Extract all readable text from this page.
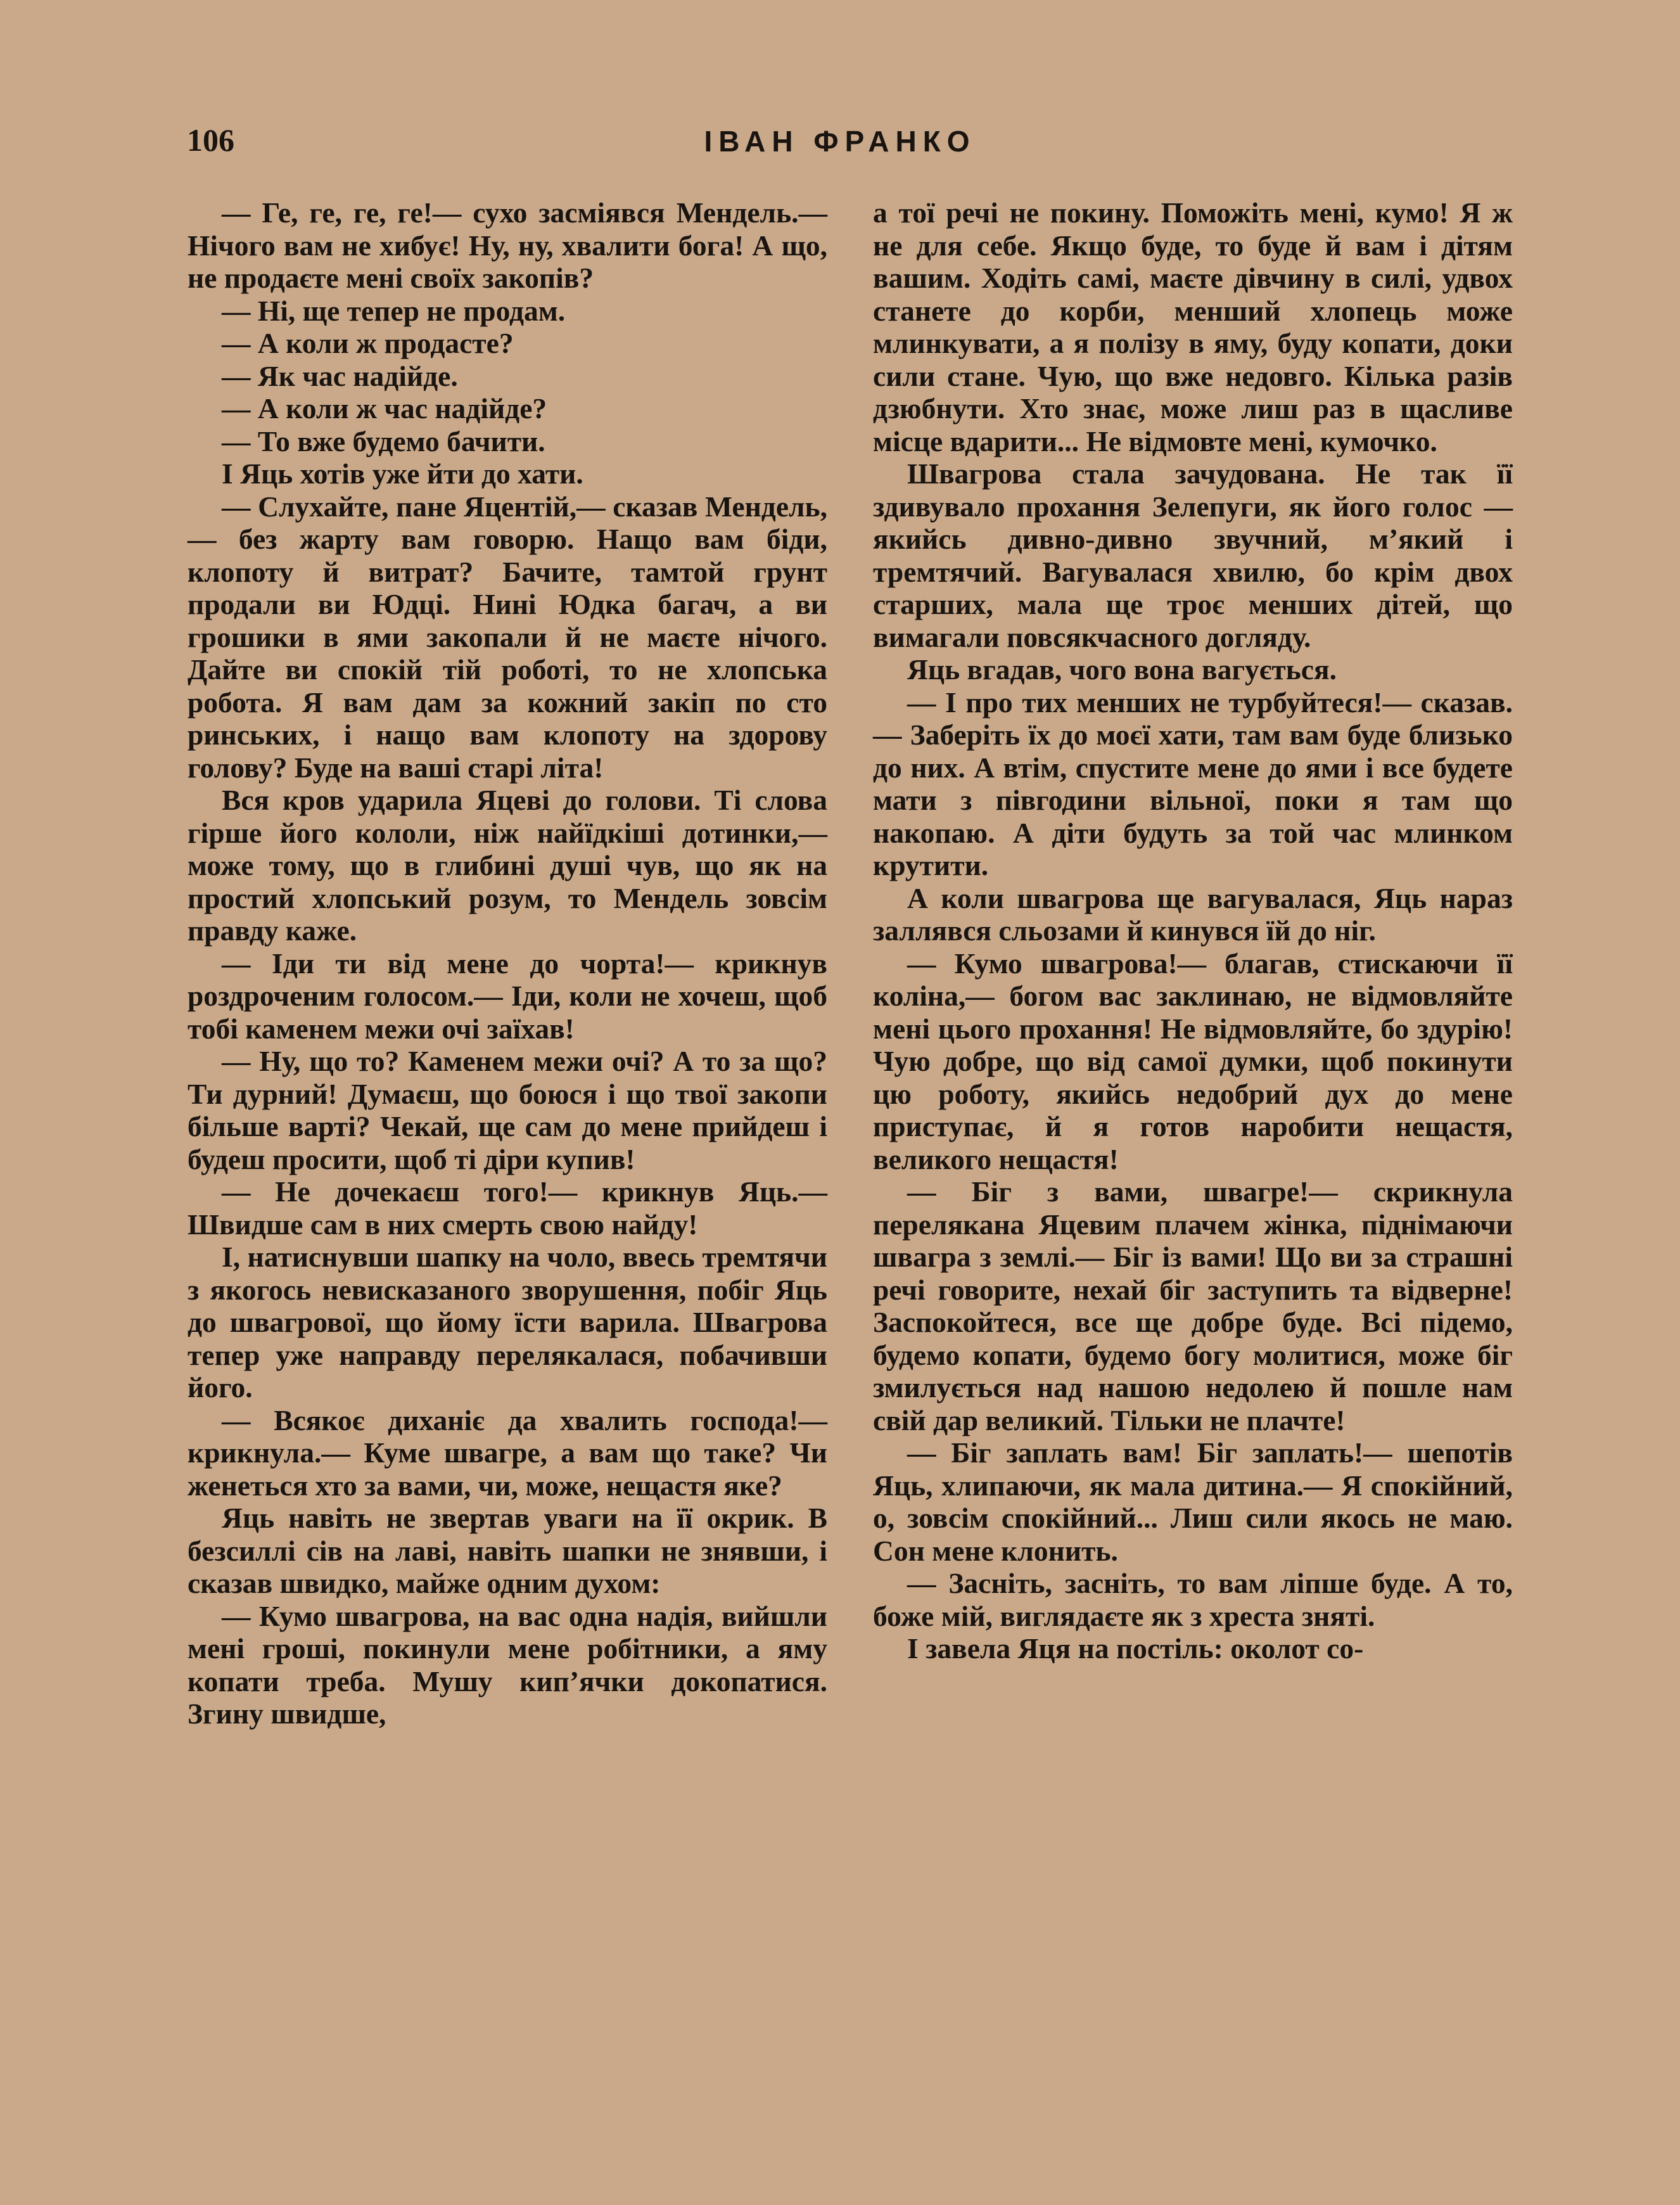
106	ІВАН ФРАНКО

— Ге, ге, ге, ге!— сухо засміявся Мендель.— Нічого вам не хибує! Ну, ну, хвалити бога! А що, не продаєте мені своїх закопів?

— Ні, ще тепер не продам.

— А коли ж продасте?

— Як час надійде.

— А коли ж час надійде?

— То вже будемо бачити.

І Яць хотів уже йти до хати.

— Слухайте, пане Яцентій,— сказав Мендель,— без жарту вам говорю. Нащо вам біди, клопоту й витрат? Бачите, тамтой грунт продали ви Юдці. Нині Юдка багач, а ви грошики в ями закопали й не маєте нічого. Дайте ви спокій тій роботі, то не хлопська робота. Я вам дам за кожний закіп по сто ринських, і нащо вам клопоту на здорову голову? Буде на ваші старі літа!

Вся кров ударила Яцеві до голови. Ті слова гірше його кололи, ніж найїдкіші дотинки,— може тому, що в глибині душі чув, що як на простий хлопський розум, то Мендель зовсім правду каже.

— Іди ти від мене до чорта!— крикнув роздроченим голосом.— Іди, коли не хочеш, щоб тобі каменем межи очі заїхав!

— Ну, що то? Каменем межи очі? А то за що? Ти дурний! Думаєш, що боюся і що твої закопи більше варті? Чекай, ще сам до мене прийдеш і будеш просити, щоб ті діри купив!

— Не дочекаєш того!— крикнув Яць.— Швидше сам в них смерть свою найду!

І, натиснувши шапку на чоло, ввесь тремтячи з якогось невисказаного зворушення, побіг Яць до швагрової, що йому їсти варила. Швагрова тепер уже направду перелякалася, побачивши його.

— Всякоє диханіє да хвалить господа!— крикнула.— Куме швагре, а вам що таке? Чи женеться хто за вами, чи, може, нещастя яке?

Яць навіть не звертав уваги на її окрик. В безсиллі сів на лаві, навіть шапки не знявши, і сказав швидко, майже одним духом:

— Кумо швагрова, на вас одна надія, вийшли мені гроші, покинули мене робітники, а яму копати треба. Мушу кип’ячки докопатися. Згину швидше,

а тої речі не покину. Поможіть мені, кумо! Я ж не для себе. Якщо буде, то буде й вам і дітям вашим. Ходіть самі, маєте дівчину в силі, удвох станете до корби, менший хлопець може млинкувати, а я полізу в яму, буду копати, доки сили стане. Чую, що вже недовго. Кілька разів дзюбнути. Хто знає, може лиш раз в щасливе місце вдарити... Не відмовте мені, кумочко.

Швагрова стала зачудована. Не так її здивувало прохання Зелепуги, як його голос — якийсь дивно-дивно звучний, м’який і тремтячий. Вагувалася хвилю, бо крім двох старших, мала ще троє менших дітей, що вимагали повсякчасного догляду.

Яць вгадав, чого вона вагується.

— І про тих менших не турбуйтеся!— сказав.— Заберіть їх до моєї хати, там вам буде близько до них. А втім, спустите мене до ями і все будете мати з півгодини вільної, поки я там що накопаю. А діти будуть за той час млинком крутити.

А коли швагрова ще вагувалася, Яць нараз заллявся сльозами й кинувся їй до ніг.

— Кумо швагрова!— благав, стискаючи її коліна,— богом вас заклинаю, не відмовляйте мені цього прохання! Не відмовляйте, бо здурію! Чую добре, що від самої думки, щоб покинути цю роботу, якийсь недобрий дух до мене приступає, й я готов наробити нещастя, великого нещастя!

— Біг з вами, швагре!— скрикнула перелякана Яцевим плачем жінка, піднімаючи швагра з землі.— Біг із вами! Що ви за страшні речі говорите, нехай біг заступить та відверне! Заспокойтеся, все ще добре буде. Всі підемо, будемо копати, будемо богу молитися, може біг змилується над нашою недолею й пошле нам свій дар великий. Тільки не плачте!

— Біг заплать вам! Біг заплать!— шепотів Яць, хлипаючи, як мала дитина.— Я спокійний, о, зовсім спокійний... Лиш сили якось не маю. Сон мене клонить.

— Засніть, засніть, то вам ліпше буде. А то, боже мій, виглядаєте як з хреста зняті.

І завела Яця на постіль: околот со-
